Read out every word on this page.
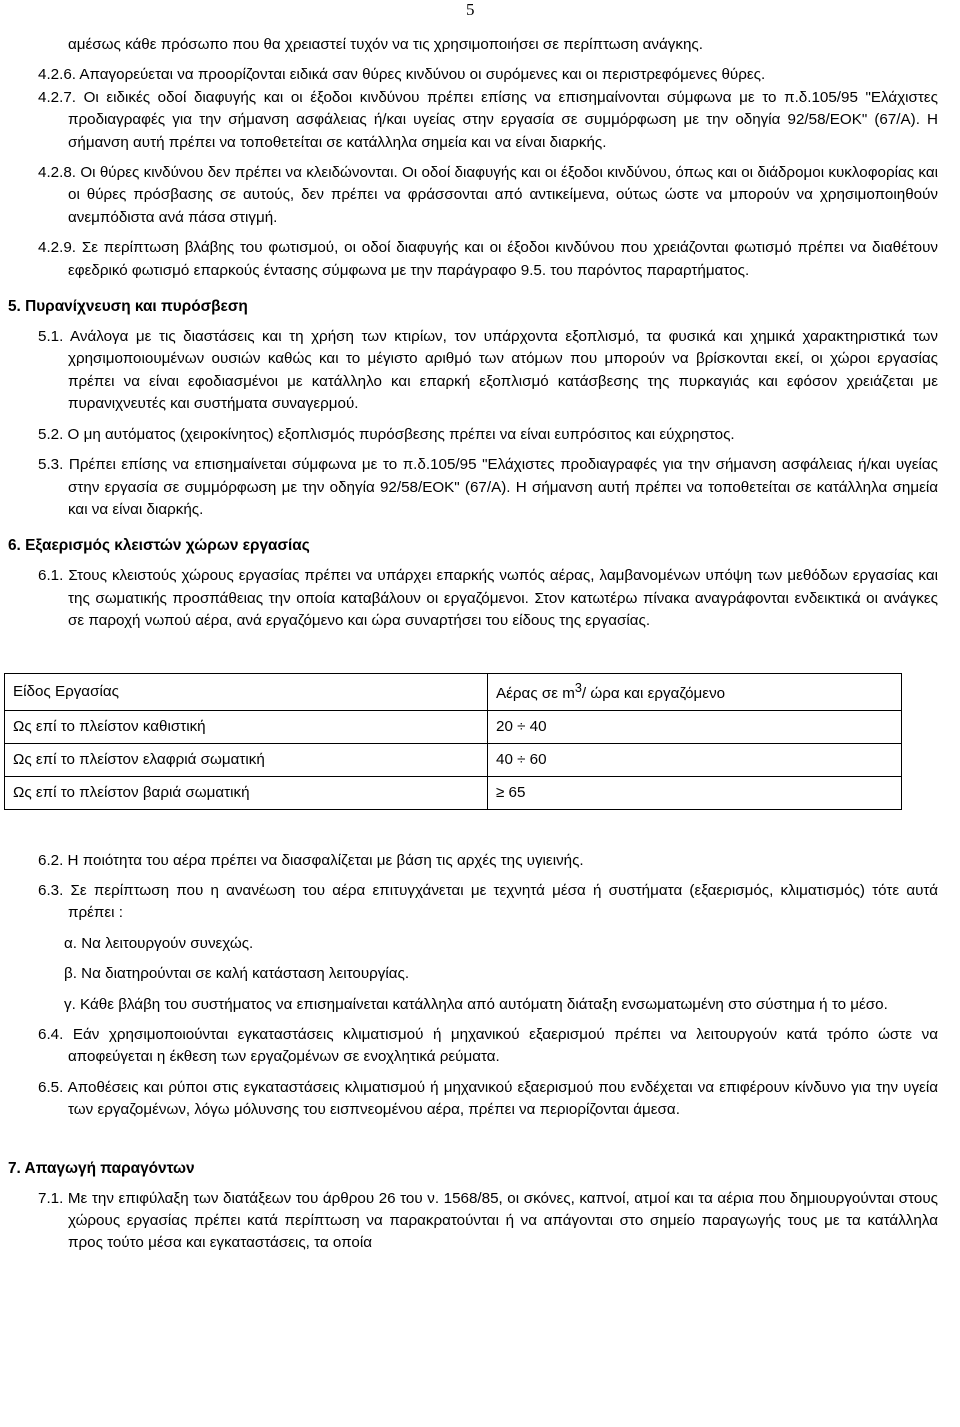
5

αμέσως κάθε πρόσωπο που θα χρειαστεί τυχόν να τις χρησιμοποιήσει σε περίπτωση ανάγκης.

4.2.6. Απαγορεύεται να προορίζονται ειδικά σαν θύρες κινδύνου οι συρόμενες και οι περιστρεφόμενες θύρες.

4.2.7. Οι ειδικές οδοί διαφυγής και οι έξοδοι κινδύνου πρέπει επίσης να επισημαίνονται σύμφωνα με το π.δ.105/95 "Ελάχιστες προδιαγραφές για την σήμανση ασφάλειας ή/και υγείας στην εργασία σε συμμόρφωση με την οδηγία 92/58/ΕΟΚ" (67/Α). Η σήμανση αυτή πρέπει να τοποθετείται σε κατάλληλα σημεία και να είναι διαρκής.

4.2.8. Οι θύρες κινδύνου δεν πρέπει να κλειδώνονται. Οι οδοί διαφυγής και οι έξοδοι κινδύνου, όπως και οι διάδρομοι κυκλοφορίας και οι θύρες πρόσβασης σε αυτούς, δεν πρέπει να φράσσονται από αντικείμενα, ούτως ώστε να μπορούν να χρησιμοποιηθούν ανεμπόδιστα ανά πάσα στιγμή.

4.2.9. Σε περίπτωση βλάβης του φωτισμού, οι οδοί διαφυγής και οι έξοδοι κινδύνου που χρειάζονται φωτισμό πρέπει να διαθέτουν εφεδρικό φωτισμό επαρκούς έντασης σύμφωνα με την παράγραφο 9.5. του παρόντος παραρτήματος.

5. Πυρανίχνευση και πυρόσβεση

5.1. Ανάλογα με τις διαστάσεις και τη χρήση των κτιρίων, τον υπάρχοντα εξοπλισμό, τα φυσικά και χημικά χαρακτηριστικά των χρησιμοποιουμένων ουσιών καθώς και το μέγιστο αριθμό των ατόμων που μπορούν να βρίσκονται εκεί, οι χώροι εργασίας πρέπει να είναι εφοδιασμένοι με κατάλληλο και επαρκή εξοπλισμό κατάσβεσης της πυρκαγιάς και εφόσον χρειάζεται με πυρανιχνευτές και συστήματα συναγερμού.

5.2. Ο μη αυτόματος (χειροκίνητος) εξοπλισμός πυρόσβεσης πρέπει να είναι ευπρόσιτος και εύχρηστος.

5.3. Πρέπει επίσης να επισημαίνεται σύμφωνα με το π.δ.105/95 "Ελάχιστες προδιαγραφές για την σήμανση ασφάλειας ή/και υγείας στην εργασία σε συμμόρφωση με την οδηγία 92/58/ΕΟΚ" (67/Α). Η σήμανση αυτή πρέπει να τοποθετείται σε κατάλληλα σημεία και να είναι διαρκής.

6. Εξαερισμός κλειστών χώρων εργασίας

6.1. Στους κλειστούς χώρους εργασίας πρέπει να υπάρχει επαρκής νωπός αέρας, λαμβανομένων υπόψη των μεθόδων εργασίας και της σωματικής προσπάθειας την οποία καταβάλουν οι εργαζόμενοι. Στον κατωτέρω πίνακα αναγράφονται ενδεικτικά οι ανάγκες σε παροχή νωπού αέρα, ανά εργαζόμενο και ώρα συναρτήσει του είδους της εργασίας.

Είδος Εργασίας	Αέρας σε $m^3/$ ώρα και εργαζόμενο
Ως επί το πλείστον καθιστική	20 ÷ 40
Ως επί το πλείστον ελαφριά σωματική	40 ÷ 60
Ως επί το πλείστον βαριά σωματική	≥ 65

6.2. Η ποιότητα του αέρα πρέπει να διασφαλίζεται με βάση τις αρχές της υγιεινής.

6.3. Σε περίπτωση που η ανανέωση του αέρα επιτυγχάνεται με τεχνητά μέσα ή συστήματα (εξαερισμός, κλιματισμός) τότε αυτά πρέπει :

α. Να λειτουργούν συνεχώς.

β. Να διατηρούνται σε καλή κατάσταση λειτουργίας.

γ. Κάθε βλάβη του συστήματος να επισημαίνεται κατάλληλα από αυτόματη διάταξη ενσωματωμένη στο σύστημα ή το μέσο.

6.4. Εάν χρησιμοποιούνται εγκαταστάσεις κλιματισμού ή μηχανικού εξαερισμού πρέπει να λειτουργούν κατά τρόπο ώστε να αποφεύγεται η έκθεση των εργαζομένων σε ενοχλητικά ρεύματα.

6.5. Αποθέσεις και ρύποι στις εγκαταστάσεις κλιματισμού ή μηχανικού εξαερισμού που ενδέχεται να επιφέρουν κίνδυνο για την υγεία των εργαζομένων, λόγω μόλυνσης του εισπνεομένου αέρα, πρέπει να περιορίζονται άμεσα.

7. Απαγωγή παραγόντων

7.1. Με την επιφύλαξη των διατάξεων του άρθρου 26 του ν. 1568/85, οι σκόνες, καπνοί, ατμοί και τα αέρια που δημιουργούνται στους χώρους εργασίας πρέπει κατά περίπτωση να παρακρατούνται ή να απάγονται στο σημείο παραγωγής τους με τα κατάλληλα προς τούτο μέσα και εγκαταστάσεις, τα οποία
